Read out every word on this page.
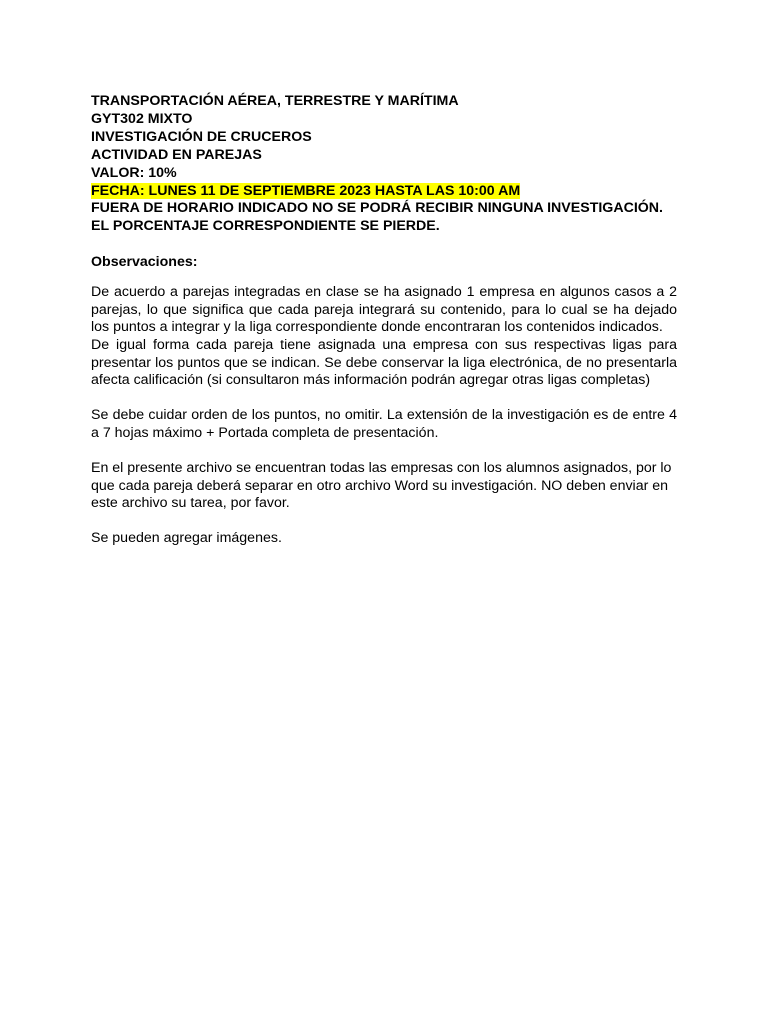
TRANSPORTACIÓN AÉREA, TERRESTRE Y MARÍTIMA
GYT302 MIXTO
INVESTIGACIÓN DE CRUCEROS
ACTIVIDAD EN PAREJAS
VALOR: 10%
FECHA: LUNES 11 DE SEPTIEMBRE 2023 HASTA LAS 10:00 AM
FUERA DE HORARIO INDICADO NO SE PODRÁ RECIBIR NINGUNA INVESTIGACIÓN. EL PORCENTAJE CORRESPONDIENTE SE PIERDE.
Observaciones:

De acuerdo a parejas integradas en clase se ha asignado 1 empresa en algunos casos a 2 parejas, lo que significa que cada pareja integrará su contenido, para lo cual se ha dejado los puntos a integrar y la liga correspondiente donde encontraran los contenidos indicados.

De igual forma cada pareja tiene asignada una empresa con sus respectivas ligas para presentar los puntos que se indican. Se debe conservar la liga electrónica, de no presentarla afecta calificación (si consultaron más información podrán agregar otras ligas completas)

Se debe cuidar orden de los puntos, no omitir. La extensión de la investigación es de entre 4 a 7 hojas máximo + Portada completa de presentación.

En el presente archivo se encuentran todas las empresas con los alumnos asignados, por lo que cada pareja deberá separar en otro archivo Word su investigación. NO deben enviar en este archivo su tarea, por favor.

Se pueden agregar imágenes.
